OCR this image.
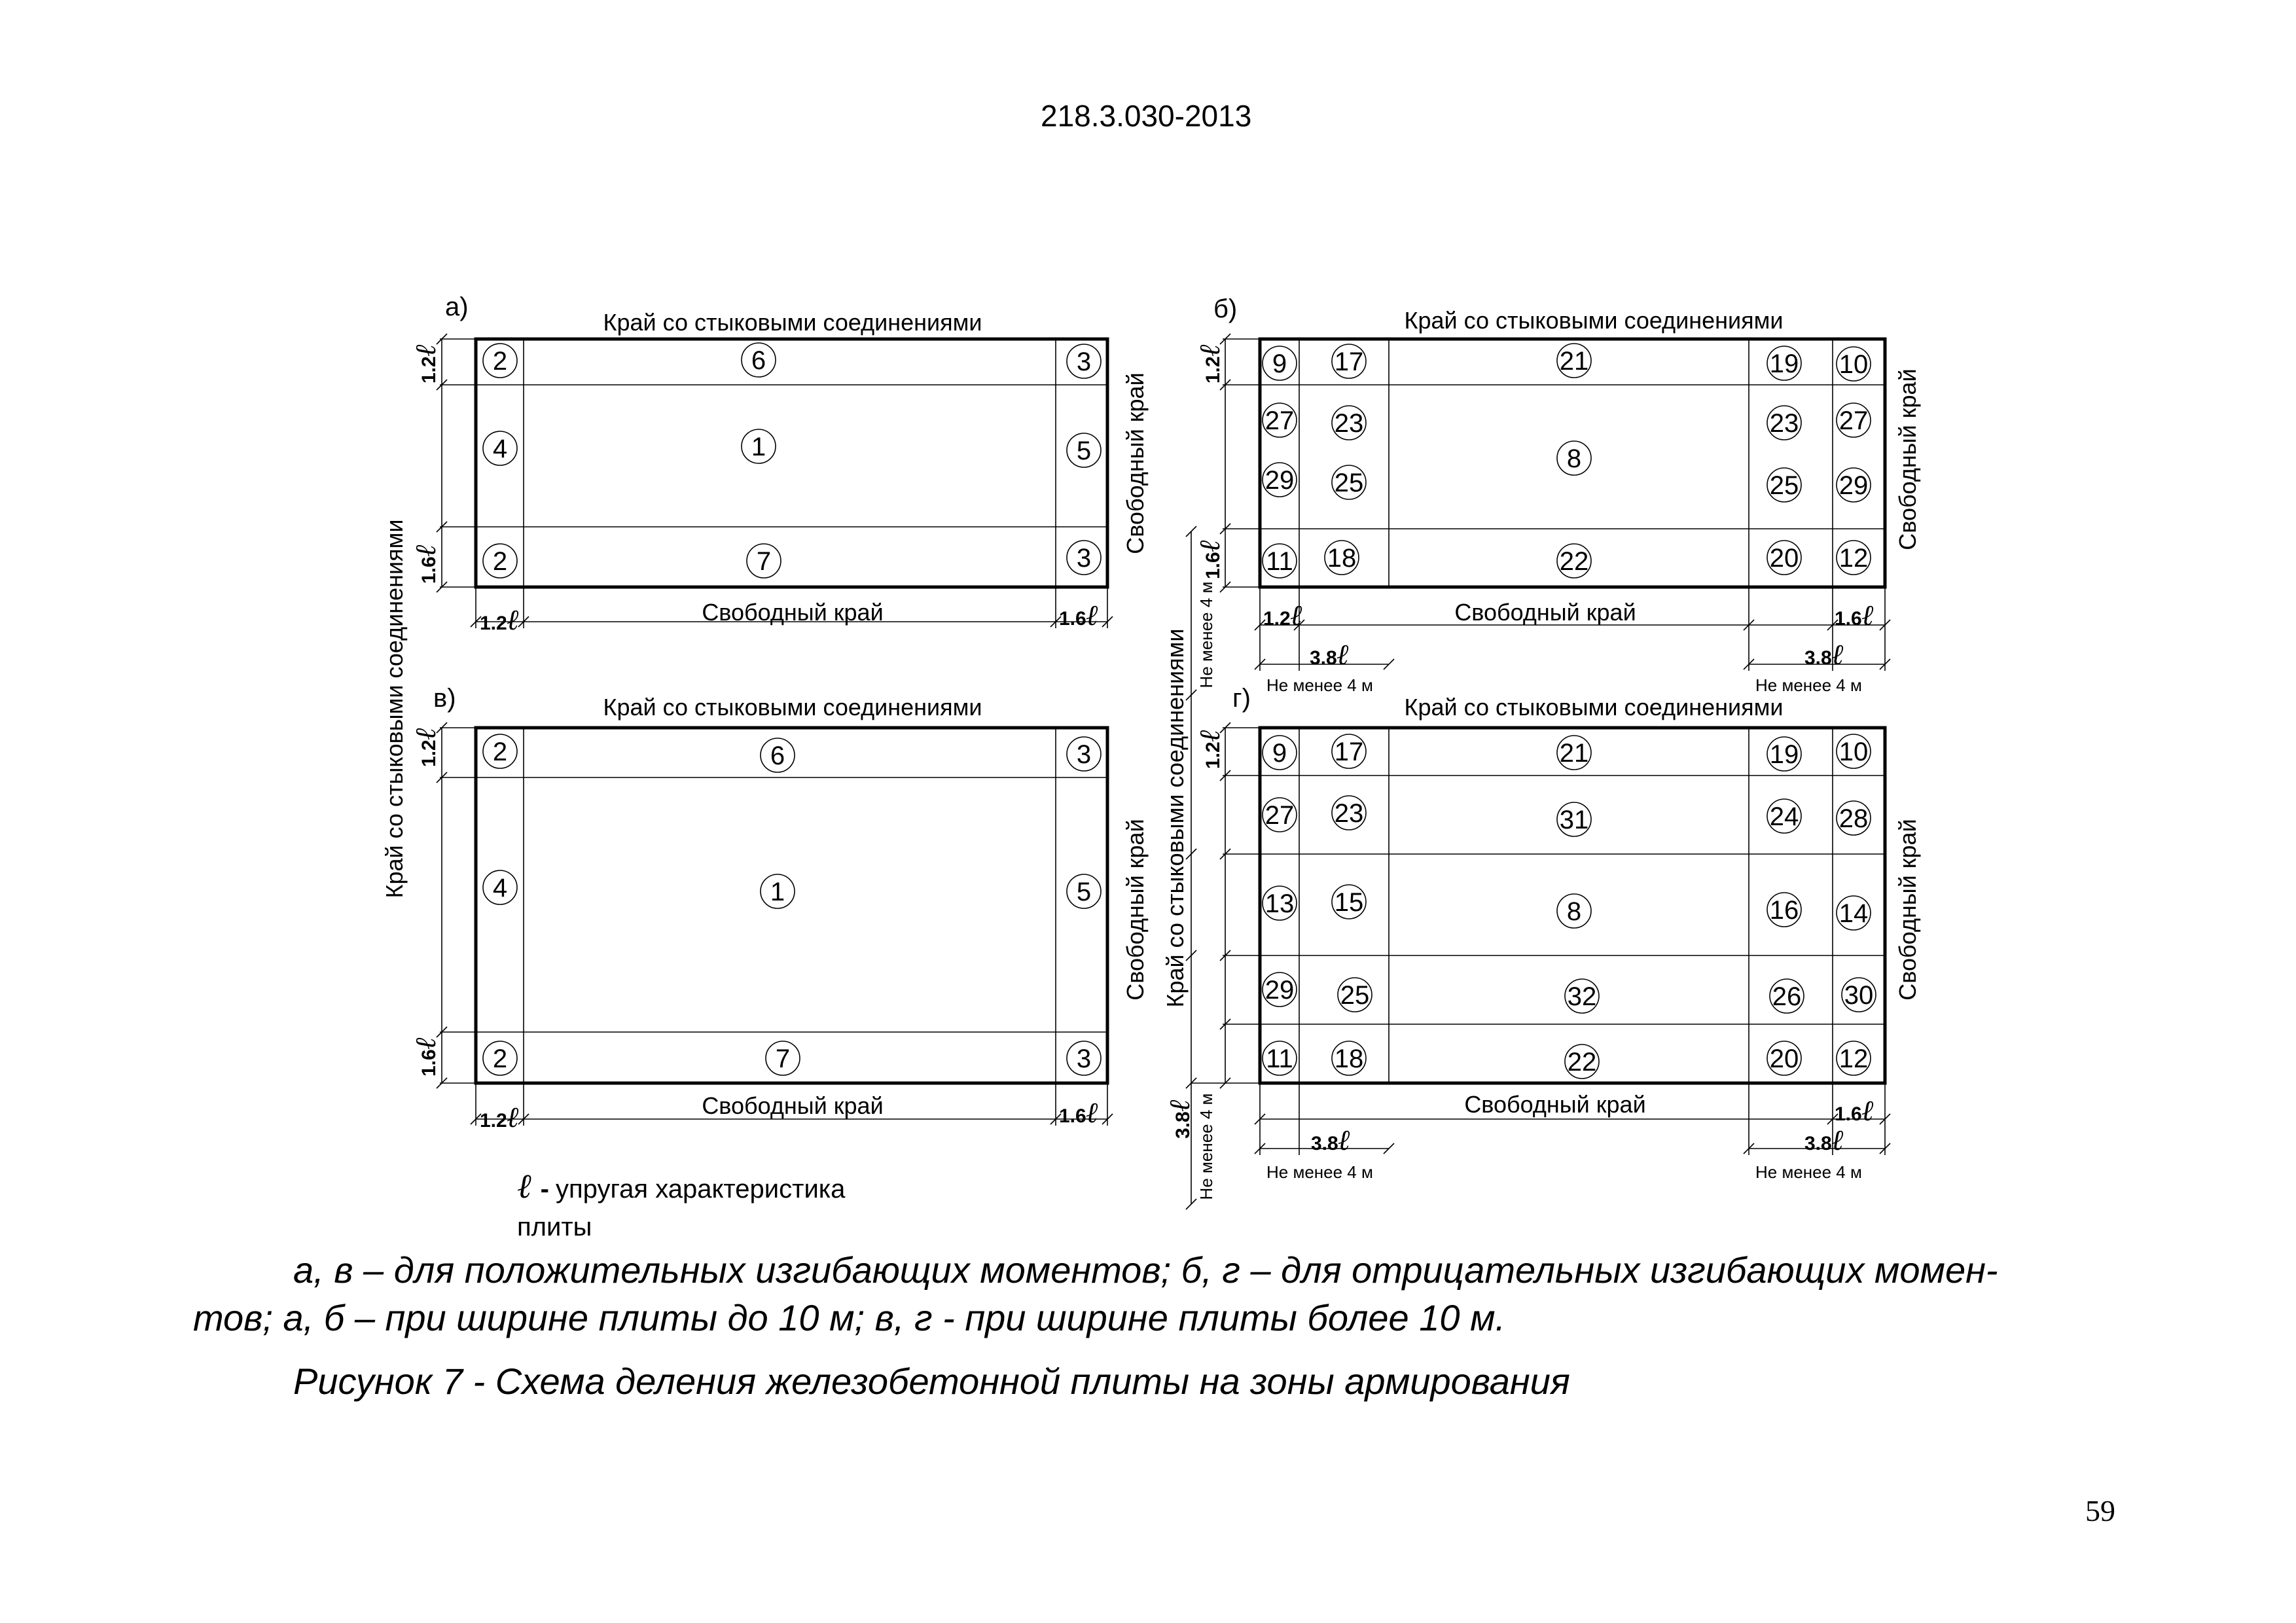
218.3.030-2013
а)
Край со стыковыми соединениями
1.2ℓ
1.6ℓ
1.2ℓ	1.6ℓ
Свободный край
Свободный край
2	6	3
4	1	5
2	7	3
в)	Край со стыковыми соединениями
1.2ℓ
1.6ℓ
1.2ℓ	1.6ℓ
Свободный край
Свободный край
2	6	3
4	1	5
2	7	3
Край со стыковыми соединениями
б)	Край со стыковыми соединениями
1.2ℓ
1.6ℓ
1.2ℓ	1.6ℓ
3.8ℓ	3.8ℓ
Не менее 4 м	Не менее 4 м
Свободный край
Свободный край
9 17	21	19 10
27 23	23 27
29 25
8
25 29
11 18	22	20 12
г)	Край со стыковыми соединениями
1.2ℓ
3.8ℓ	3.8ℓ
1.6ℓ
Не менее 4 м	Не менее 4 м
Свободный край
Свободный край
9 17	21	19 10
27 23	31	24 28
13 15	8	16 14
29 25	32	26 30
11 18	22	20 12
Край со стыковыми соединениями Не менее 4 м
Не менее 4 м
3.8ℓ
ℓ - упругая характеристика
плиты

а, в – для положительных изгибающих моментов; б, г – для отрицательных изгибающих момен-

тов; а, б – при ширине плиты до 10 м; в, г - при ширине плиты более 10 м.

Рисунок 7 - Схема деления железобетонной плиты на зоны армирования

59
